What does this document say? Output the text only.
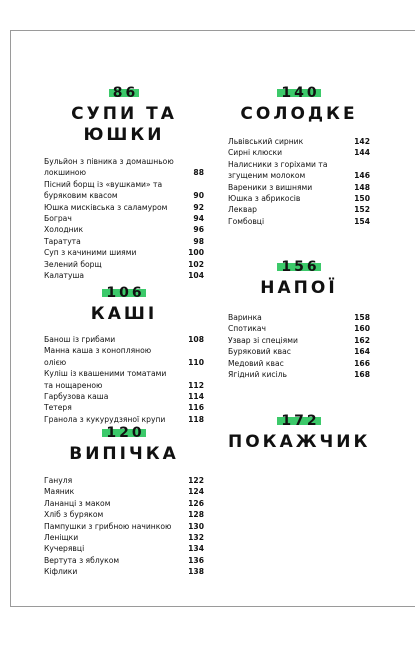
86
СУПИ ТА
ЮШКИ
Бульйон з півника з домашньою локшиною	88
Пісний борщ із «вушками» та буряковим квасом	90
Юшка мисківська з саламуром	92
Бограч	94
Холодник	96
Таратута	98
Суп з качиними шиями	100
Зелений борщ	102
Калатуша	104
106
КАШІ
Банош із грибами	108
Манна каша з конопляною олією	110
Куліш із квашеними томатами та нощареною	112
Гарбузова каша	114
Тетеря	116
Гранола з кукурудзяної крупи	118
120
ВИПІЧКА
Гануля	122
Маяник	124
Лананці з маком	126
Хліб з буряком	128
Пампушки з грибною начинкою 130
Леніщки	132
Кучерявці	134
Вертута з яблуком	136
Кіфлики	138
140
СОЛОДКЕ
Львівський сирник	142
Сирні клюски	144
Налисники з горіхами та згущеним молоком	146
Вареники з вишнями	148
Юшка з абрикосів	150
Леквар	152
Гомбовці	154
156
НАПОЇ
Варинка	158
Спотикач	160
Узвар зі спеціями	162
Буряковий квас	164
Медовий квас	166
Ягідний кисіль	168
172
ПОКАЖЧИК
